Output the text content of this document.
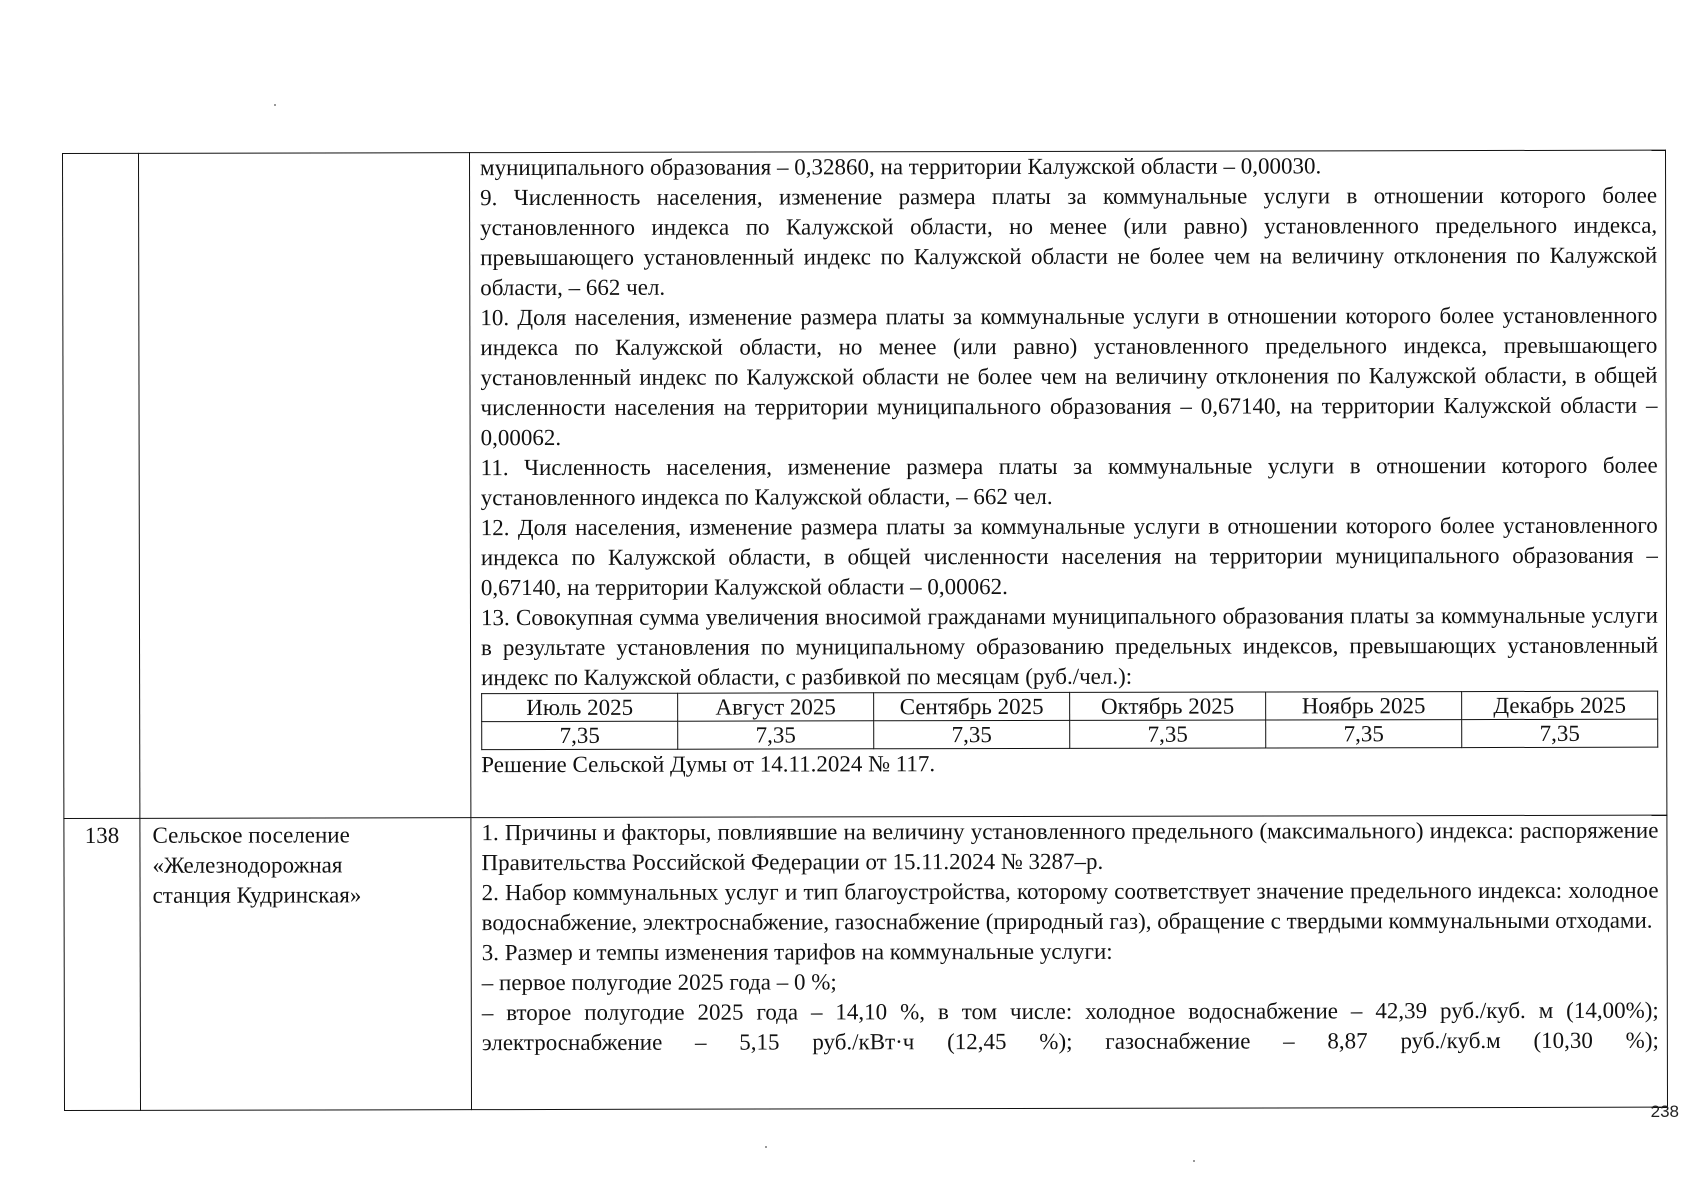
муниципального образования – 0,32860, на территории Калужской области – 0,00030.

9. Численность населения, изменение размера платы за коммунальные услуги в отношении которого более установленного индекса по Калужской области, но менее (или равно) установленного предельного индекса, превышающего установленный индекс по Калужской области не более чем на величину отклонения по Калужской области, – 662 чел.

10. Доля населения, изменение размера платы за коммунальные услуги в отношении которого более установленного индекса по Калужской области, но менее (или равно) установленного предельного индекса, превышающего установленный индекс по Калужской области не более чем на величину отклонения по Калужской области, в общей численности населения на территории муниципального образования – 0,67140, на территории Калужской области – 0,00062.

11. Численность населения, изменение размера платы за коммунальные услуги в отношении которого более установленного индекса по Калужской области, – 662 чел.

12. Доля населения, изменение размера платы за коммунальные услуги в отношении которого более установленного индекса по Калужской области, в общей численности населения на территории муниципального образования – 0,67140, на территории Калужской области – 0,00062.

13. Совокупная сумма увеличения вносимой гражданами муниципального образования платы за коммунальные услуги в результате установления по муниципальному образованию предельных индексов, превышающих установленный индекс по Калужской области, с разбивкой по месяцам (руб./чел.):

Июль 2025	Август 2025	Сентябрь 2025	Октябрь 2025	Ноябрь 2025	Декабрь 2025
7,35	7,35	7,35	7,35	7,35	7,35

Решение Сельской Думы от 14.11.2024 № 117.

138	Сельское поселение
«Железнодорожная
станция Кудринская»

1. Причины и факторы, повлиявшие на величину установленного предельного (максимального) индекса: распоряжение Правительства Российской Федерации от 15.11.2024 № 3287–р.

2. Набор коммунальных услуг и тип благоустройства, которому соответствует значение предельного индекса: холодное водоснабжение, электроснабжение, газоснабжение (природный газ), обращение с твердыми коммунальными отходами.

3. Размер и темпы изменения тарифов на коммунальные услуги:

– первое полугодие 2025 года – 0 %;

– второе полугодие 2025 года – 14,10 %, в том числе: холодное водоснабжение – 42,39 руб./куб. м (14,00%); электроснабжение – 5,15 руб./кВт·ч (12,45 %); газоснабжение – 8,87 руб./куб.м (10,30 %);

238
